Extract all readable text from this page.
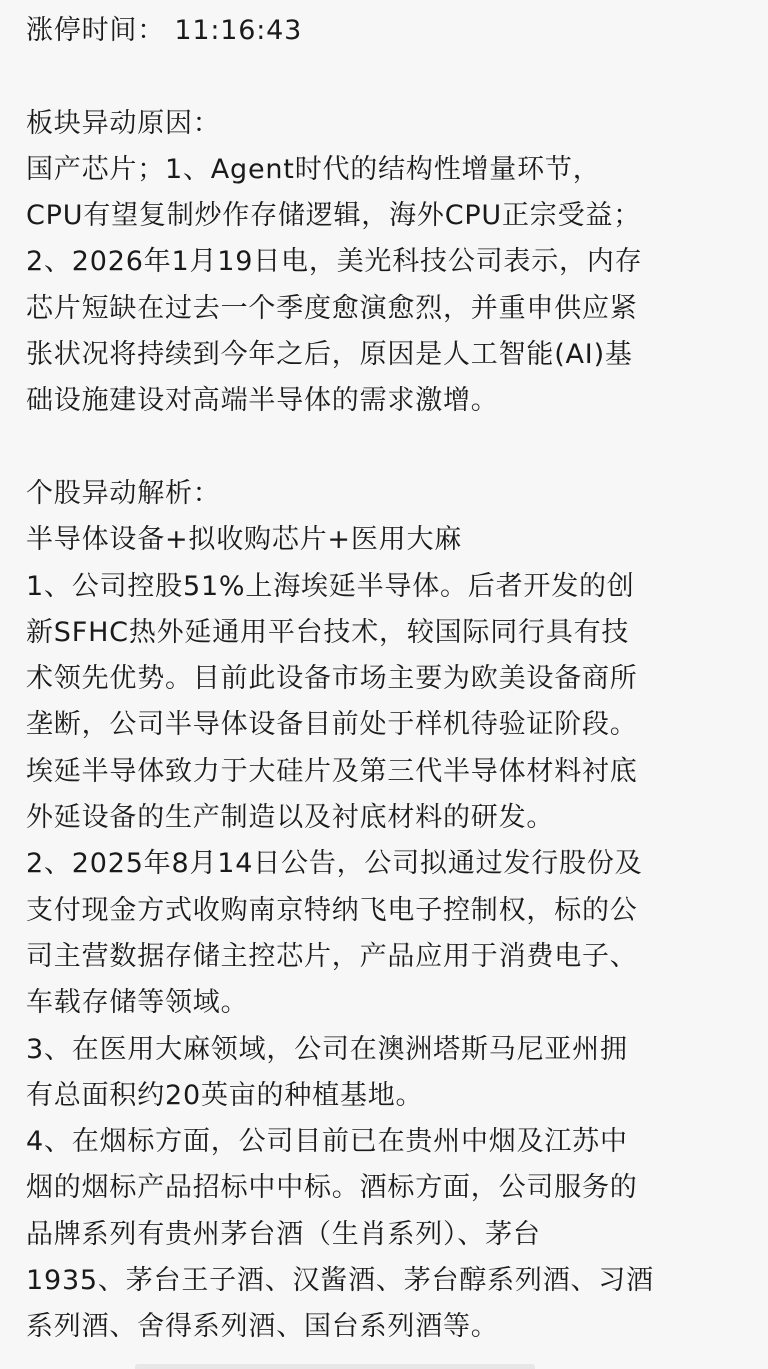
涨停时间： 11:16:43
板块异动原因：
国产芯片；1、Agent时代的结构性增量环节，
CPU有望复制炒作存储逻辑，海外CPU正宗受益；
2、2026年1月19日电，美光科技公司表示，内存
芯片短缺在过去一个季度愈演愈烈，并重申供应紧
张状况将持续到今年之后，原因是人工智能(AI)基
础设施建设对高端半导体的需求激增。
个股异动解析：
半导体设备+拟收购芯片+医用大麻
1、公司控股51%上海埃延半导体。后者开发的创
新SFHC热外延通用平台技术，较国际同行具有技
术领先优势。目前此设备市场主要为欧美设备商所
垄断，公司半导体设备目前处于样机待验证阶段。
埃延半导体致力于大硅片及第三代半导体材料衬底
外延设备的生产制造以及衬底材料的研发。
2、2025年8月14日公告，公司拟通过发行股份及
支付现金方式收购南京特纳飞电子控制权，标的公
司主营数据存储主控芯片，产品应用于消费电子、
车载存储等领域。
3、在医用大麻领域，公司在澳洲塔斯马尼亚州拥
有总面积约20英亩的种植基地。
4、在烟标方面，公司目前已在贵州中烟及江苏中
烟的烟标产品招标中中标。酒标方面，公司服务的
品牌系列有贵州茅台酒（生肖系列）、茅台
1935、茅台王子酒、汉酱酒、茅台醇系列酒、习酒
系列酒、舍得系列酒、国台系列酒等。
